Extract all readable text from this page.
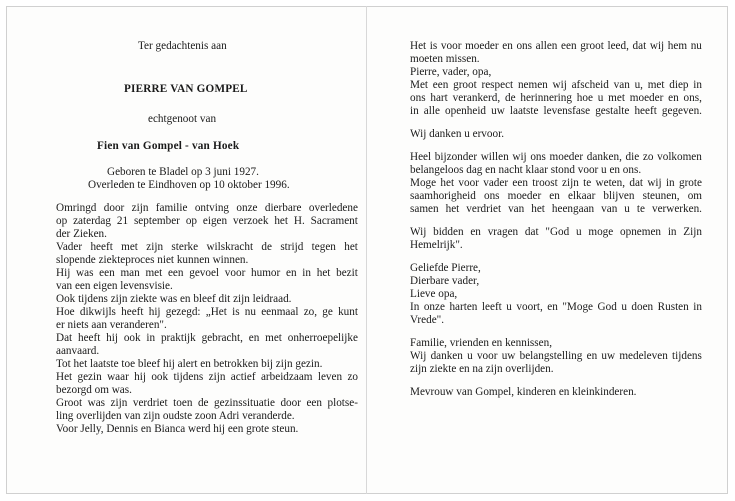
Ter gedachtenis aan
PIERRE VAN GOMPEL
echtgenoot van
Fien van Gompel - van Hoek
Geboren te Bladel op 3 juni 1927.
Overleden te Eindhoven op 10 oktober 1996.
Omringd door zijn familie ontving onze dierbare overledene
op zaterdag 21 september op eigen verzoek het H. Sacrament
der Zieken.
Vader heeft met zijn sterke wilskracht de strijd tegen het
slopende ziekteproces niet kunnen winnen.
Hij was een man met een gevoel voor humor en in het bezit
van een eigen levensvisie.
Ook tijdens zijn ziekte was en bleef dit zijn leidraad.
Hoe dikwijls heeft hij gezegd: „Het is nu eenmaal zo, ge kunt
er niets aan veranderen".
Dat heeft hij ook in praktijk gebracht, en met onherroepelijke
aanvaard.
Tot het laatste toe bleef hij alert en betrokken bij zijn gezin.
Het gezin waar hij ook tijdens zijn actief arbeidzaam leven zo
bezorgd om was.
Groot was zijn verdriet toen de gezinssituatie door een plotse-
ling overlijden van zijn oudste zoon Adri veranderde.
Voor Jelly, Dennis en Bianca werd hij een grote steun.
Het is voor moeder en ons allen een groot leed, dat wij hem nu
moeten missen.
Pierre, vader, opa,
Met een groot respect nemen wij afscheid van u, met diep in
ons hart verankerd, de herinnering hoe u met moeder en ons,
in alle openheid uw laatste levensfase gestalte heeft gegeven.
Wij danken u ervoor.
Heel bijzonder willen wij ons moeder danken, die zo volkomen
belangeloos dag en nacht klaar stond voor u en ons.
Moge het voor vader een troost zijn te weten, dat wij in grote
saamhorigheid ons moeder en elkaar blijven steunen, om
samen het verdriet van het heengaan van u te verwerken.
Wij bidden en vragen dat "God u moge opnemen in Zijn
Hemelrijk".
Geliefde Pierre,
Dierbare vader,
Lieve opa,
In onze harten leeft u voort, en "Moge God u doen Rusten in
Vrede".
Familie, vrienden en kennissen,
Wij danken u voor uw belangstelling en uw medeleven tijdens
zijn ziekte en na zijn overlijden.
Mevrouw van Gompel, kinderen en kleinkinderen.
